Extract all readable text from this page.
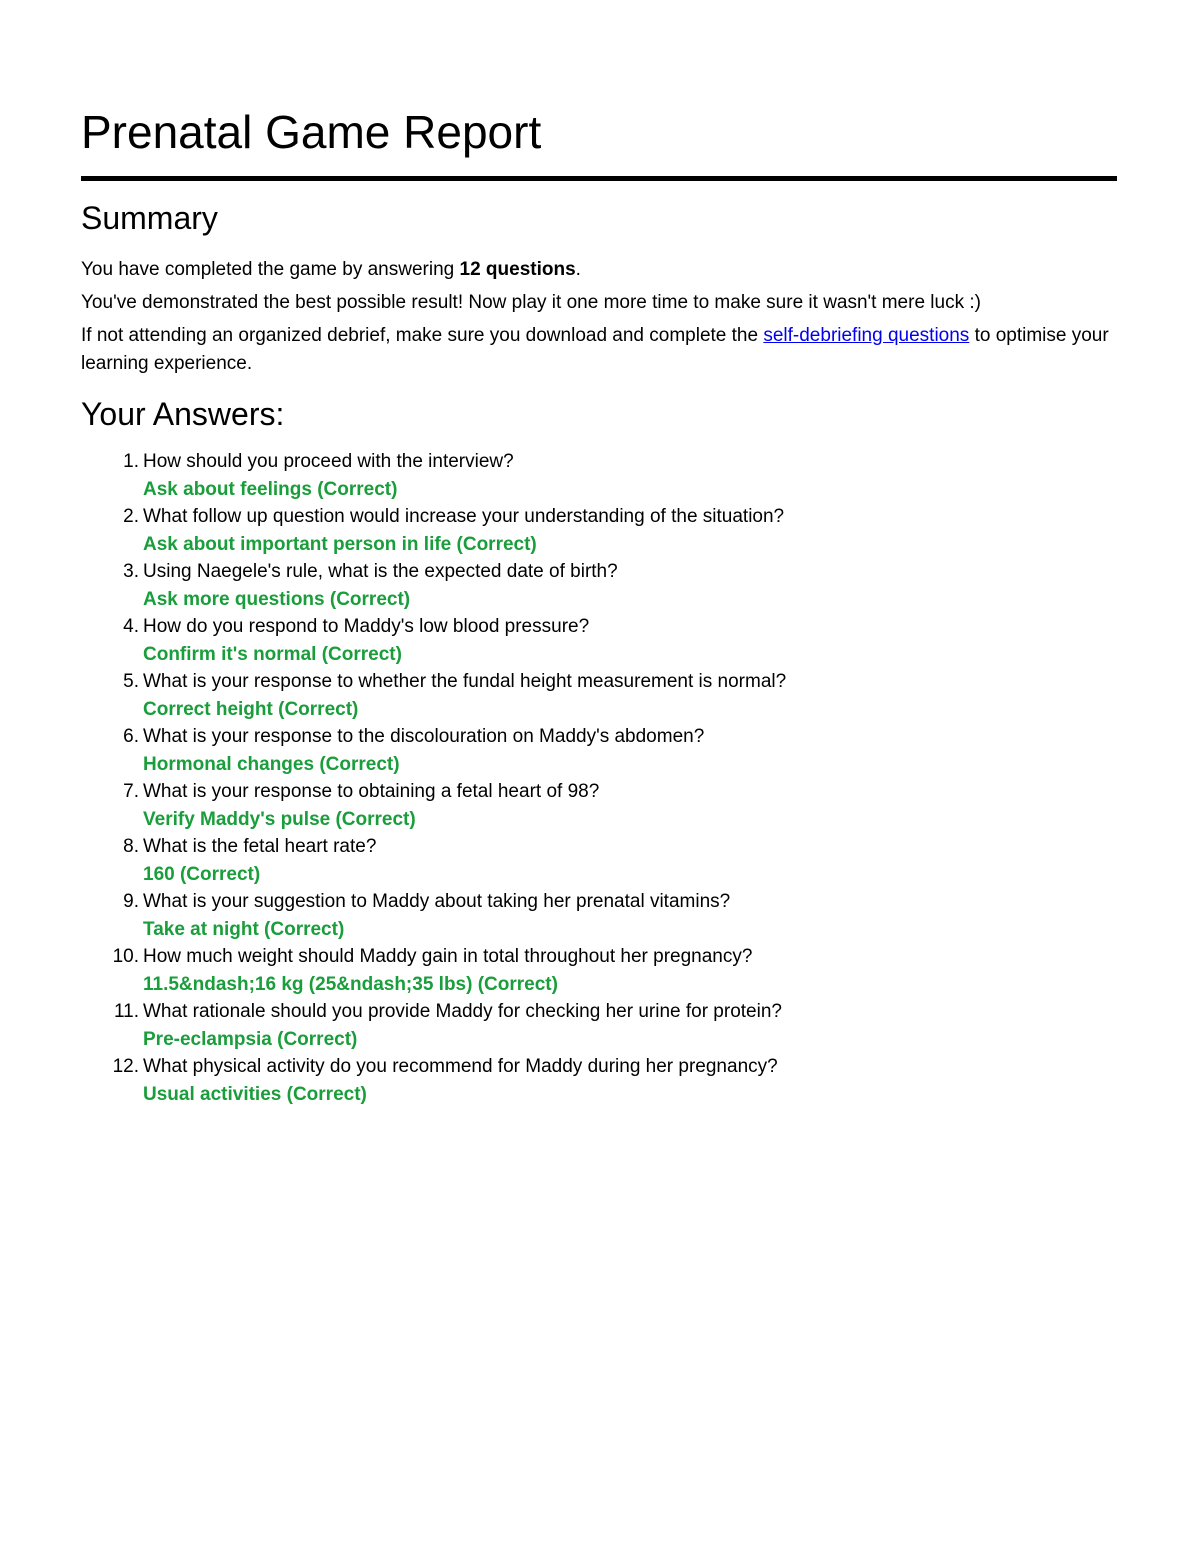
Prenatal Game Report
Summary

You have completed the game by answering 12 questions.

You've demonstrated the best possible result! Now play it one more time to make sure it wasn't mere luck :)

If not attending an organized debrief, make sure you download and complete the self-debriefing questions to optimise your learning experience.

Your Answers:
1. How should you proceed with the interview?
Ask about feelings (Correct)
2. What follow up question would increase your understanding of the situation?
Ask about important person in life (Correct)
3. Using Naegele's rule, what is the expected date of birth?
Ask more questions (Correct)
4. How do you respond to Maddy's low blood pressure?
Confirm it's normal (Correct)
5. What is your response to whether the fundal height measurement is normal?
Correct height (Correct)
6. What is your response to the discolouration on Maddy's abdomen?
Hormonal changes (Correct)
7. What is your response to obtaining a fetal heart of 98?
Verify Maddy's pulse (Correct)
8. What is the fetal heart rate?
160 (Correct)
9. What is your suggestion to Maddy about taking her prenatal vitamins?
Take at night (Correct)
10. How much weight should Maddy gain in total throughout her pregnancy?
11.5&ndash;16 kg (25&ndash;35 lbs) (Correct)
11. What rationale should you provide Maddy for checking her urine for protein?
Pre-eclampsia (Correct)
12. What physical activity do you recommend for Maddy during her pregnancy?
Usual activities (Correct)
